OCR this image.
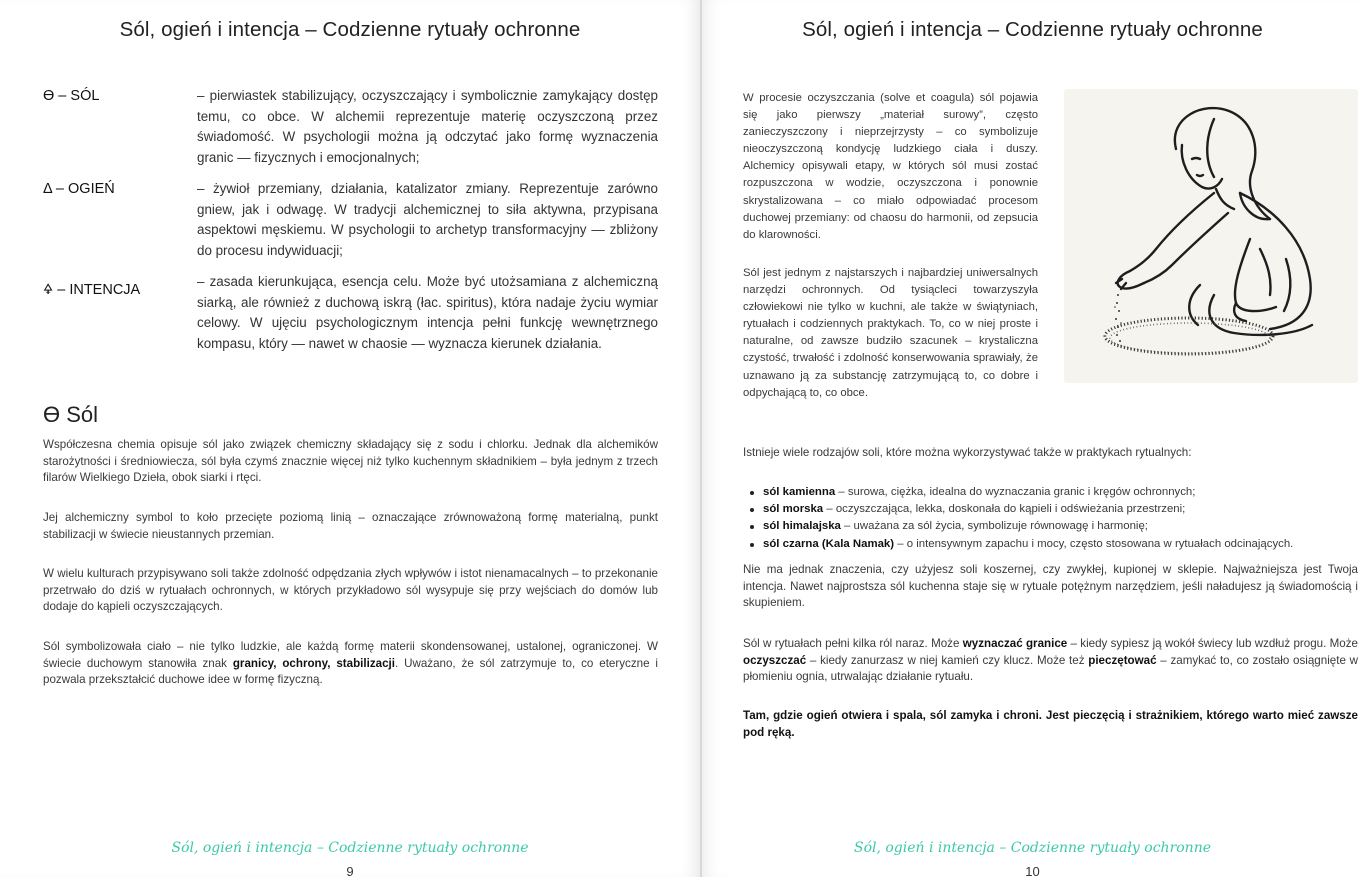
Sól, ogień i intencja – Codzienne rytuały ochronne
ϴ – SÓL	– pierwiastek stabilizujący, oczyszczający i symbolicznie zamykający dostęp temu, co obce. W alchemii reprezentuje materię oczyszczoną przez świadomość. W psychologii można ją odczytać jako formę wyznaczenia granic — fizycznych i emocjonalnych;
Δ – OGIEŃ	– żywioł przemiany, działania, katalizator zmiany. Reprezentuje zarówno gniew, jak i odwagę. W tradycji alchemicznej to siła aktywna, przypisana aspektowi męskiemu. W psychologii to archetyp transformacyjny — zbliżony do procesu indywiduacji;
🜍 – INTENCJA
– zasada kierunkująca, esencja celu. Może być utożsamiana z alchemiczną siarką, ale również z duchową iskrą (łac. spiritus), która nadaje życiu wymiar celowy. W ujęciu psychologicznym intencja pełni funkcję wewnętrznego kompasu, który — nawet w chaosie — wyznacza kierunek działania.
ϴ Sól

Współczesna chemia opisuje sól jako związek chemiczny składający się z sodu i chlorku. Jednak dla alchemików starożytności i średniowiecza, sól była czymś znacznie więcej niż tylko kuchennym składnikiem – była jednym z trzech filarów Wielkiego Dzieła, obok siarki i rtęci.

Jej alchemiczny symbol to koło przecięte poziomą linią – oznaczające zrównoważoną formę materialną, punkt stabilizacji w świecie nieustannych przemian.

W wielu kulturach przypisywano soli także zdolność odpędzania złych wpływów i istot nienamacalnych – to przekonanie przetrwało do dziś w rytuałach ochronnych, w których przykładowo sól wysypuje się przy wejściach do domów lub dodaje do kąpieli oczyszczających.

Sól symbolizowała ciało – nie tylko ludzkie, ale każdą formę materii skondensowanej, ustalonej, ograniczonej. W świecie duchowym stanowiła znak granicy, ochrony, stabilizacji. Uważano, że sól zatrzymuje to, co eteryczne i pozwala przekształcić duchowe idee w formę fizyczną.

Sól, ogień i intencja – Codzienne rytuały ochronne
9
Sól, ogień i intencja – Codzienne rytuały ochronne

W procesie oczyszczania (solve et coagula) sól pojawia się jako pierwszy „materiał surowy”, często zanieczyszczony i nieprzejrzysty – co symbolizuje nieoczyszczoną kondycję ludzkiego ciała i duszy. Alchemicy opisywali etapy, w których sól musi zostać rozpuszczona w wodzie, oczyszczona i ponownie skrystalizowana – co miało odpowiadać procesom duchowej przemiany: od chaosu do harmonii, od zepsucia do klarowności.

Sól jest jednym z najstarszych i najbardziej uniwersalnych narzędzi ochronnych. Od tysiącleci towarzyszyła człowiekowi nie tylko w kuchni, ale także w świątyniach, rytuałach i codziennych praktykach. To, co w niej proste i naturalne, od zawsze budziło szacunek – krystaliczna czystość, trwałość i zdolność konserwowania sprawiały, że uznawano ją za substancję zatrzymującą to, co dobre i odpychającą to, co obce.

Istnieje wiele rodzajów soli, które można wykorzystywać także w praktykach rytualnych:

sól kamienna – surowa, ciężka, idealna do wyznaczania granic i kręgów ochronnych;
sól morska – oczyszczająca, lekka, doskonała do kąpieli i odświeżania przestrzeni;
sól himalajska – uważana za sól życia, symbolizuje równowagę i harmonię;
sól czarna (Kala Namak) – o intensywnym zapachu i mocy, często stosowana w rytuałach odcinających.

Nie ma jednak znaczenia, czy użyjesz soli koszernej, czy zwykłej, kupionej w sklepie. Najważniejsza jest Twoja intencja. Nawet najprostsza sól kuchenna staje się w rytuale potężnym narzędziem, jeśli naładujesz ją świadomością i skupieniem.

Sól w rytuałach pełni kilka ról naraz. Może wyznaczać granice – kiedy sypiesz ją wokół świecy lub wzdłuż progu. Może oczyszczać – kiedy zanurzasz w niej kamień czy klucz. Może też pieczętować – zamykać to, co zostało osiągnięte w płomieniu ognia, utrwalając działanie rytuału.

Tam, gdzie ogień otwiera i spala, sól zamyka i chroni. Jest pieczęcią i strażnikiem, którego warto mieć zawsze pod ręką.

Sól, ogień i intencja – Codzienne rytuały ochronne
10
